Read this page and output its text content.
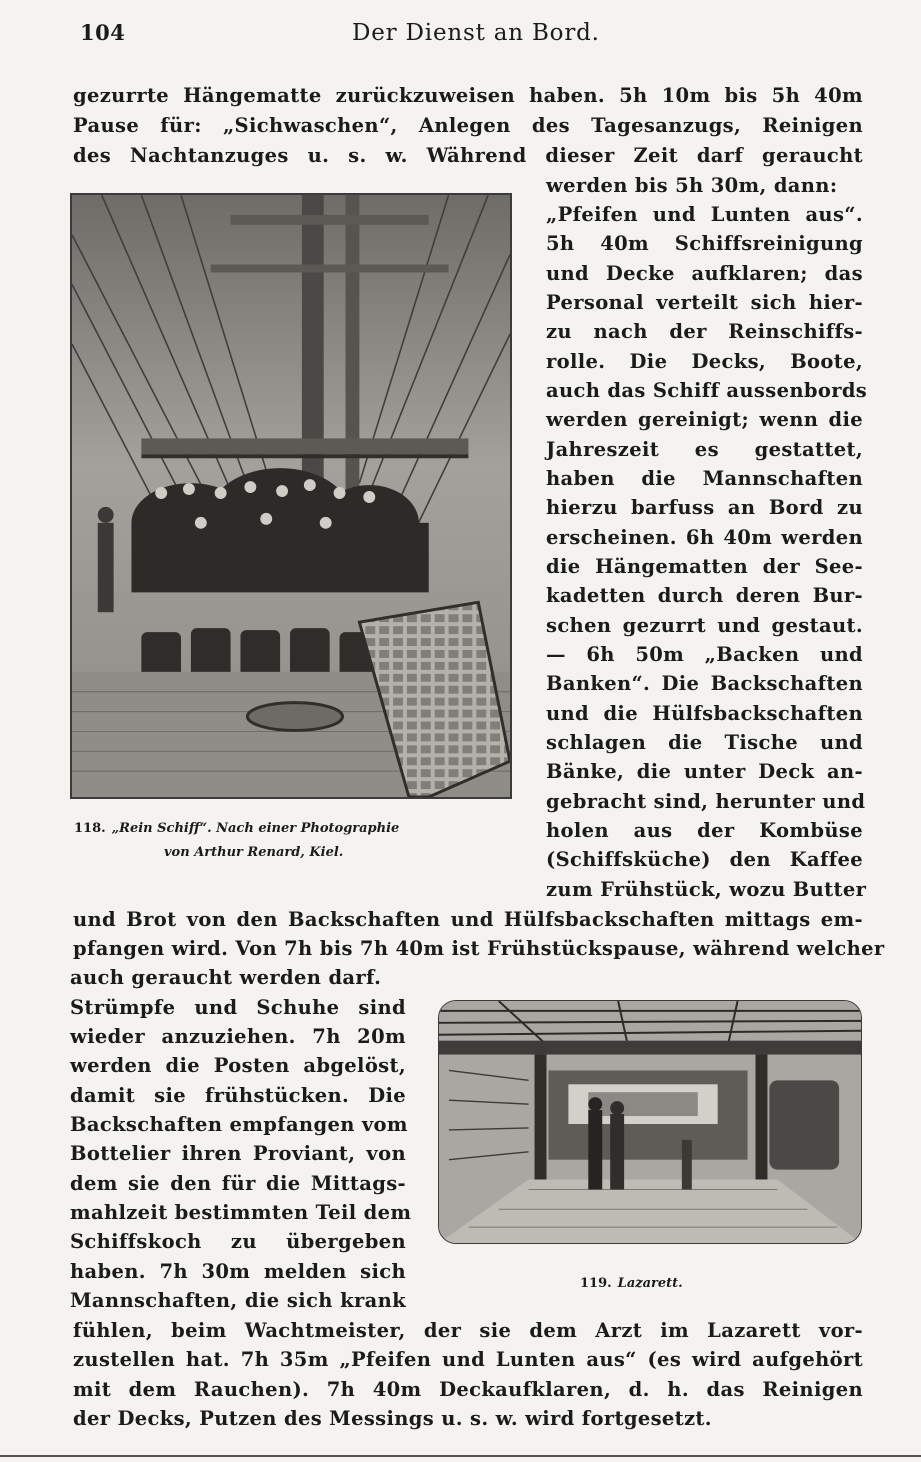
104	Der Dienst an Bord.
gezurrte Hängematte zurückzuweisen haben. 5h 10m bis 5h 40m
Pause für: „Sichwaschen“, Anlegen des Tagesanzugs, Reinigen
des Nachtanzuges u. s. w. Während dieser Zeit darf geraucht
werden bis 5h 30m, dann:
„Pfeifen und Lunten aus“.
5h 40m Schiffsreinigung
und Decke aufklaren; das
Personal verteilt sich hier-
zu nach der Reinschiffs-
rolle. Die Decks, Boote,
auch das Schiff aussenbords
werden gereinigt; wenn die
Jahreszeit es gestattet,
haben die Mannschaften
hierzu barfuss an Bord zu
erscheinen. 6h 40m werden
die Hängematten der See-
kadetten durch deren Bur-
schen gezurrt und gestaut.
— 6h 50m „Backen und
Banken“. Die Backschaften
und die Hülfsbackschaften
schlagen die Tische und
Bänke, die unter Deck an-
gebracht sind, herunter und
holen aus der Kombüse
(Schiffsküche) den Kaffee
zum Frühstück, wozu Butter
und Brot von den Backschaften und Hülfsbackschaften mittags em-
pfangen wird. Von 7h bis 7h 40m ist Frühstückspause, während welcher
auch geraucht werden darf.
Strümpfe und Schuhe sind
wieder anzuziehen. 7h 20m
werden die Posten abgelöst,
damit sie frühstücken. Die
Backschaften empfangen vom
Bottelier ihren Proviant, von
dem sie den für die Mittags-
mahlzeit bestimmten Teil dem
Schiffskoch zu übergeben
haben. 7h 30m melden sich
Mannschaften, die sich krank
fühlen, beim Wachtmeister, der sie dem Arzt im Lazarett vor-
zustellen hat. 7h 35m „Pfeifen und Lunten aus“ (es wird aufgehört
mit dem Rauchen). 7h 40m Deckaufklaren, d. h. das Reinigen
der Decks, Putzen des Messings u. s. w. wird fortgesetzt.
118. „Rein Schiff“. Nach einer Photographie
von Arthur Renard, Kiel.
119. Lazarett.
